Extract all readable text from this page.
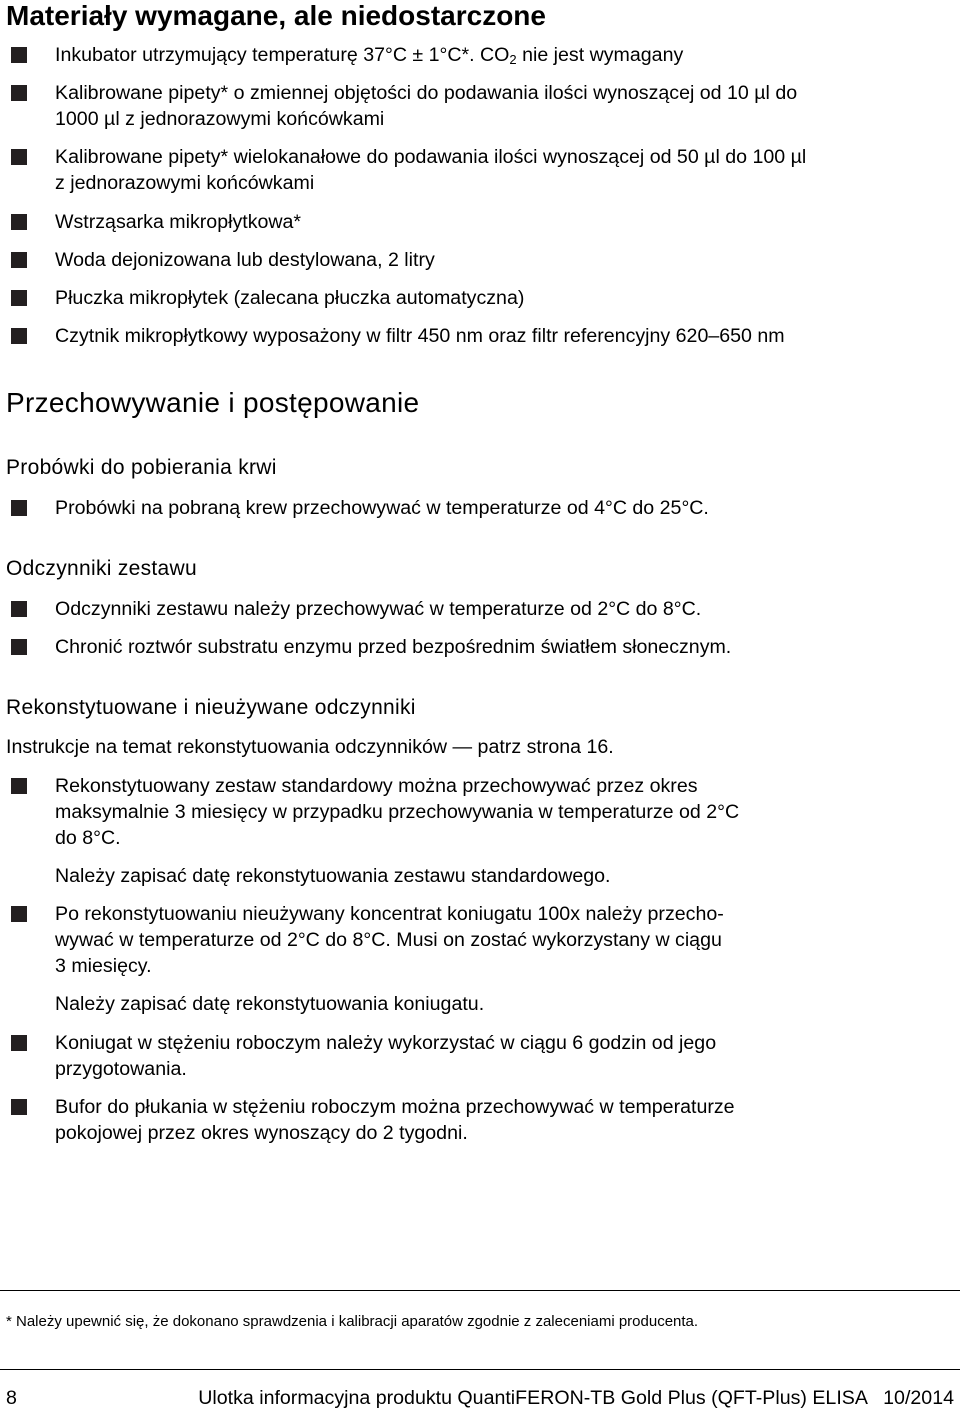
Materiały wymagane, ale niedostarczone
Inkubator utrzymujący temperaturę 37°C ± 1°C*. $CO_2$ nie jest wymagany
Kalibrowane pipety* o zmiennej objętości do podawania ilości wynoszącej od 10 µl do
1000 µl z jednorazowymi końcówkami
Kalibrowane pipety* wielokanałowe do podawania ilości wynoszącej od 50 µl do 100 µl
z jednorazowymi końcówkami
Wstrząsarka mikropłytkowa*
Woda dejonizowana lub destylowana, 2 litry
Płuczka mikropłytek (zalecana płuczka automatyczna)
Czytnik mikropłytkowy wyposażony w filtr 450 nm oraz filtr referencyjny 620–650 nm
Przechowywanie i postępowanie
Probówki do pobierania krwi
Probówki na pobraną krew przechowywać w temperaturze od 4°C do 25°C.
Odczynniki zestawu
Odczynniki zestawu należy przechowywać w temperaturze od 2°C do 8°C.
Chronić roztwór substratu enzymu przed bezpośrednim światłem słonecznym.
Rekonstytuowane i nieużywane odczynniki
Instrukcje na temat rekonstytuowania odczynników — patrz strona 16.
Rekonstytuowany zestaw standardowy można przechowywać przez okres
maksymalnie 3 miesięcy w przypadku przechowywania w temperaturze od 2°C
do 8°C.
Należy zapisać datę rekonstytuowania zestawu standardowego.
Po rekonstytuowaniu nieużywany koncentrat koniugatu 100x należy przecho-
wywać w temperaturze od 2°C do 8°C. Musi on zostać wykorzystany w ciągu
3 miesięcy.
Należy zapisać datę rekonstytuowania koniugatu.
Koniugat w stężeniu roboczym należy wykorzystać w ciągu 6 godzin od jego
przygotowania.
Bufor do płukania w stężeniu roboczym można przechowywać w temperaturze
pokojowej przez okres wynoszący do 2 tygodni.
* Należy upewnić się, że dokonano sprawdzenia i kalibracji aparatów zgodnie z zaleceniami producenta.
8	Ulotka informacyjna produktu QuantiFERON-TB Gold Plus (QFT-Plus) ELISA   10/2014
